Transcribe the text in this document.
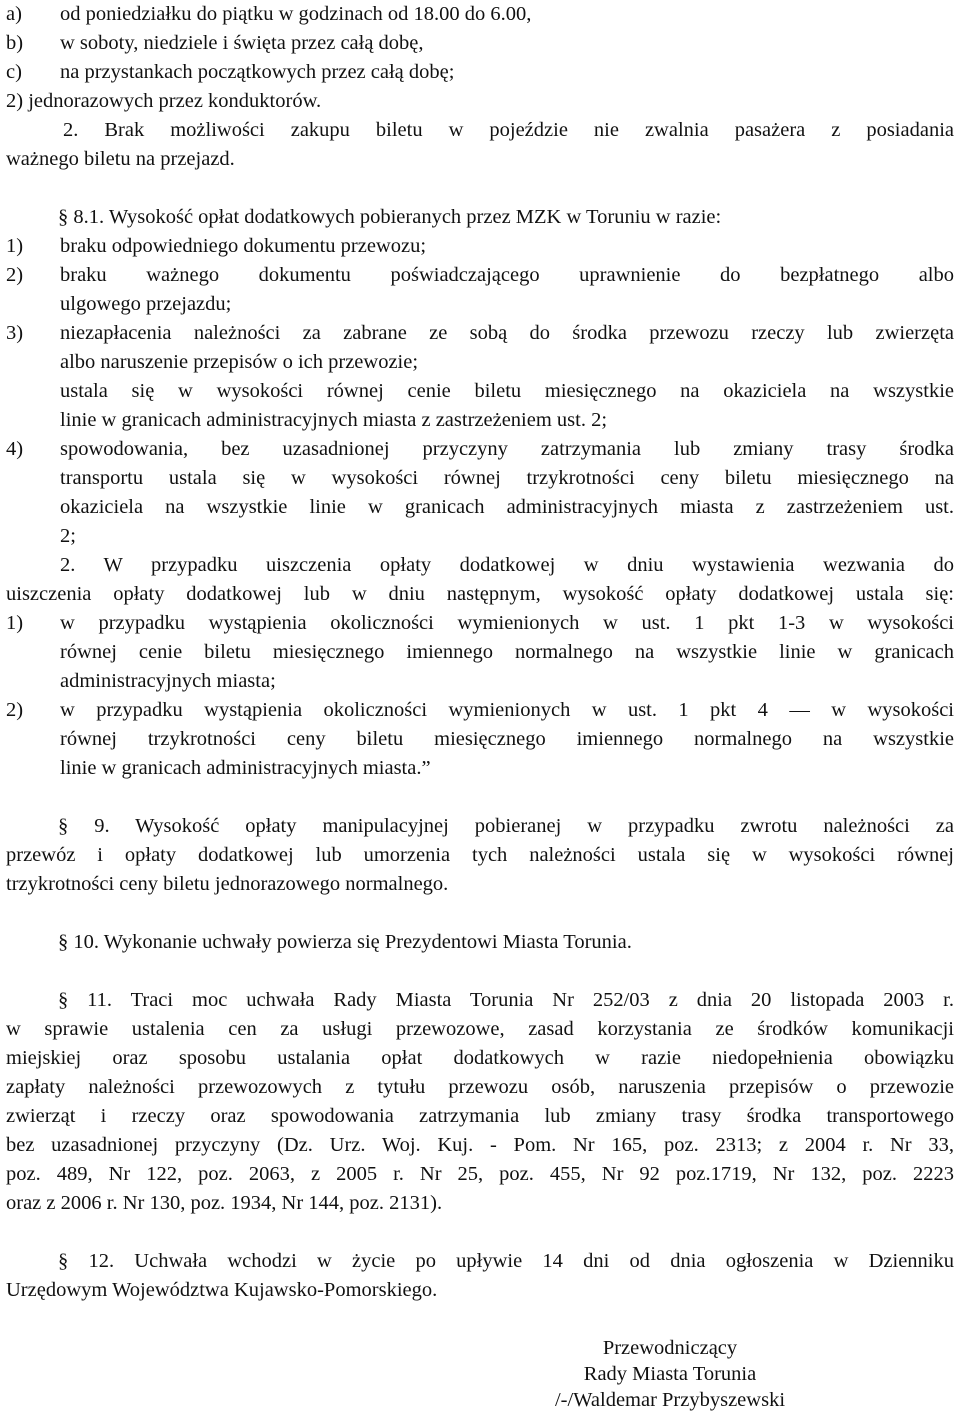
a) od poniedziałku do piątku w godzinach od 18.00 do 6.00,
b) w soboty, niedziele i święta przez całą dobę,
c) na przystankach początkowych przez całą dobę;
2) jednorazowych przez konduktorów.
2. Brak możliwości zakupu biletu w pojeździe nie zwalnia pasażera z posiadania
ważnego biletu na przejazd.
§ 8.1. Wysokość opłat dodatkowych pobieranych przez MZK w Toruniu w razie:
1) braku odpowiedniego dokumentu przewozu;
2) braku ważnego dokumentu poświadczającego uprawnienie do bezpłatnego albo
ulgowego przejazdu;
3) niezapłacenia należności za zabrane ze sobą do środka przewozu rzeczy lub zwierzęta
albo naruszenie przepisów o ich przewozie;
ustala się w wysokości równej cenie biletu miesięcznego na okaziciela na wszystkie
linie w granicach administracyjnych miasta z zastrzeżeniem ust. 2;
4) spowodowania, bez uzasadnionej przyczyny zatrzymania lub zmiany trasy środka
transportu ustala się w wysokości równej trzykrotności ceny biletu miesięcznego na
okaziciela na wszystkie linie w granicach administracyjnych miasta z zastrzeżeniem ust.
2;
2. W przypadku uiszczenia opłaty dodatkowej w dniu wystawienia wezwania do
uiszczenia opłaty dodatkowej lub w dniu następnym, wysokość opłaty dodatkowej ustala się:
1) w przypadku wystąpienia okoliczności wymienionych w ust. 1 pkt 1-3 w wysokości
równej cenie biletu miesięcznego imiennego normalnego na wszystkie linie w granicach
administracyjnych miasta;
2) w przypadku wystąpienia okoliczności wymienionych w ust. 1 pkt 4 — w wysokości
równej trzykrotności ceny biletu miesięcznego imiennego normalnego na wszystkie
linie w granicach administracyjnych miasta.”
§ 9. Wysokość opłaty manipulacyjnej pobieranej w przypadku zwrotu należności za
przewóz i opłaty dodatkowej lub umorzenia tych należności ustala się w wysokości równej
trzykrotności ceny biletu jednorazowego normalnego.
§ 10. Wykonanie uchwały powierza się Prezydentowi Miasta Torunia.
§ 11. Traci moc uchwała Rady Miasta Torunia Nr 252/03 z dnia 20 listopada 2003 r.
w sprawie ustalenia cen za usługi przewozowe, zasad korzystania ze środków komunikacji
miejskiej oraz sposobu ustalania opłat dodatkowych w razie niedopełnienia obowiązku
zapłaty należności przewozowych z tytułu przewozu osób, naruszenia przepisów o przewozie
zwierząt i rzeczy oraz spowodowania zatrzymania lub zmiany trasy środka transportowego
bez uzasadnionej przyczyny (Dz. Urz. Woj. Kuj. - Pom. Nr 165, poz. 2313; z 2004 r. Nr 33,
poz. 489, Nr 122, poz. 2063, z 2005 r. Nr 25, poz. 455, Nr 92 poz.1719, Nr 132, poz. 2223
oraz z 2006 r. Nr 130, poz. 1934, Nr 144, poz. 2131).
§ 12. Uchwała wchodzi w życie po upływie 14 dni od dnia ogłoszenia w Dzienniku
Urzędowym Województwa Kujawsko-Pomorskiego.
Przewodniczący
Rady Miasta Torunia
/-/Waldemar Przybyszewski
